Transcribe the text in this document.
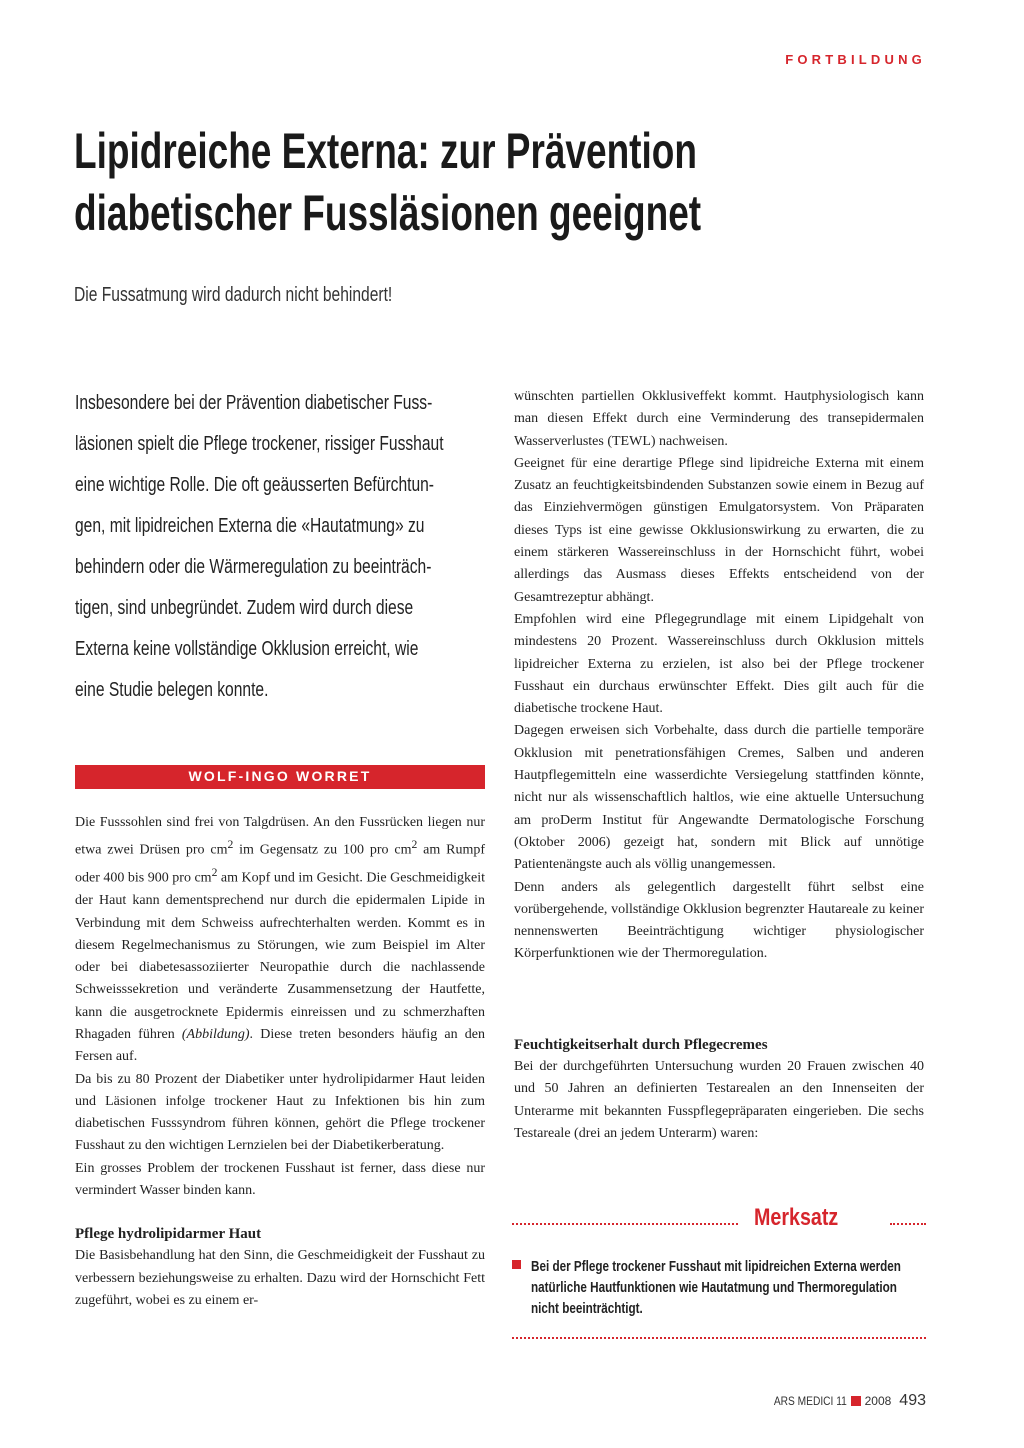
FORTBILDUNG
Lipidreiche Externa: zur Prävention
diabetischer Fussläsionen geeignet
Die Fussatmung wird dadurch nicht behindert!
Insbesondere bei der Prävention diabetischer Fuss-
läsionen spielt die Pflege trockener, rissiger Fusshaut
eine wichtige Rolle. Die oft geäusserten Befürchtun-
gen, mit lipidreichen Externa die «Hautatmung» zu
behindern oder die Wärmeregulation zu beeinträch-
tigen, sind unbegründet. Zudem wird durch diese
Externa keine vollständige Okklusion erreicht, wie
eine Studie belegen konnte.
WOLF-INGO WORRET

Die Fusssohlen sind frei von Talgdrüsen. An den Fussrücken liegen nur etwa zwei Drüsen pro $cm^2$ im Gegensatz zu 100 pro $cm^2$ am Rumpf oder 400 bis 900 pro $cm^2$ am Kopf und im Gesicht. Die Geschmeidigkeit der Haut kann dementsprechend nur durch die epidermalen Lipide in Verbindung mit dem Schweiss aufrechterhalten werden. Kommt es in diesem Regelmechanismus zu Störungen, wie zum Beispiel im Alter oder bei diabetesassoziierter Neuropathie durch die nachlassende Schweisssekretion und veränderte Zusammensetzung der Hautfette, kann die ausgetrocknete Epidermis einreissen und zu schmerzhaften Rhagaden führen (Abbildung). Diese treten besonders häufig an den Fersen auf.

Da bis zu 80 Prozent der Diabetiker unter hydrolipidarmer Haut leiden und Läsionen infolge trockener Haut zu Infektionen bis hin zum diabetischen Fusssyndrom führen können, gehört die Pflege trockener Fusshaut zu den wichtigen Lernzielen bei der Diabetikerberatung.

Ein grosses Problem der trockenen Fusshaut ist ferner, dass diese nur vermindert Wasser binden kann.

Pflege hydrolipidarmer Haut

Die Basisbehandlung hat den Sinn, die Geschmeidigkeit der Fusshaut zu verbessern beziehungsweise zu erhalten. Dazu wird der Hornschicht Fett zugeführt, wobei es zu einem er-

wünschten partiellen Okklusiveffekt kommt. Hautphysiologisch kann man diesen Effekt durch eine Verminderung des transepidermalen Wasserverlustes (TEWL) nachweisen.

Geeignet für eine derartige Pflege sind lipidreiche Externa mit einem Zusatz an feuchtigkeitsbindenden Substanzen sowie einem in Bezug auf das Einziehvermögen günstigen Emulgatorsystem. Von Präparaten dieses Typs ist eine gewisse Okklusionswirkung zu erwarten, die zu einem stärkeren Wassereinschluss in der Hornschicht führt, wobei allerdings das Ausmass dieses Effekts entscheidend von der Gesamtrezeptur abhängt.

Empfohlen wird eine Pflegegrundlage mit einem Lipidgehalt von mindestens 20 Prozent. Wassereinschluss durch Okklusion mittels lipidreicher Externa zu erzielen, ist also bei der Pflege trockener Fusshaut ein durchaus erwünschter Effekt. Dies gilt auch für die diabetische trockene Haut.

Dagegen erweisen sich Vorbehalte, dass durch die partielle temporäre Okklusion mit penetrationsfähigen Cremes, Salben und anderen Hautpflegemitteln eine wasserdichte Versiegelung stattfinden könnte, nicht nur als wissenschaftlich haltlos, wie eine aktuelle Untersuchung am proDerm Institut für Angewandte Dermatologische Forschung (Oktober 2006) gezeigt hat, sondern mit Blick auf unnötige Patientenängste auch als völlig unangemessen.

Denn anders als gelegentlich dargestellt führt selbst eine vorübergehende, vollständige Okklusion begrenzter Hautareale zu keiner nennenswerten Beeinträchtigung wichtiger physiologischer Körperfunktionen wie der Thermoregulation.

Feuchtigkeitserhalt durch Pflegecremes

Bei der durchgeführten Untersuchung wurden 20 Frauen zwischen 40 und 50 Jahren an definierten Testarealen an den Innenseiten der Unterarme mit bekannten Fusspflegepräparaten eingerieben. Die sechs Testareale (drei an jedem Unterarm) waren:

Merksatz
Bei der Pflege trockener Fusshaut mit lipidreichen Externa werden
natürliche Hautfunktionen wie Hautatmung und Thermoregulation
nicht beeinträchtigt.
ARS MEDICI 11 2008 493
